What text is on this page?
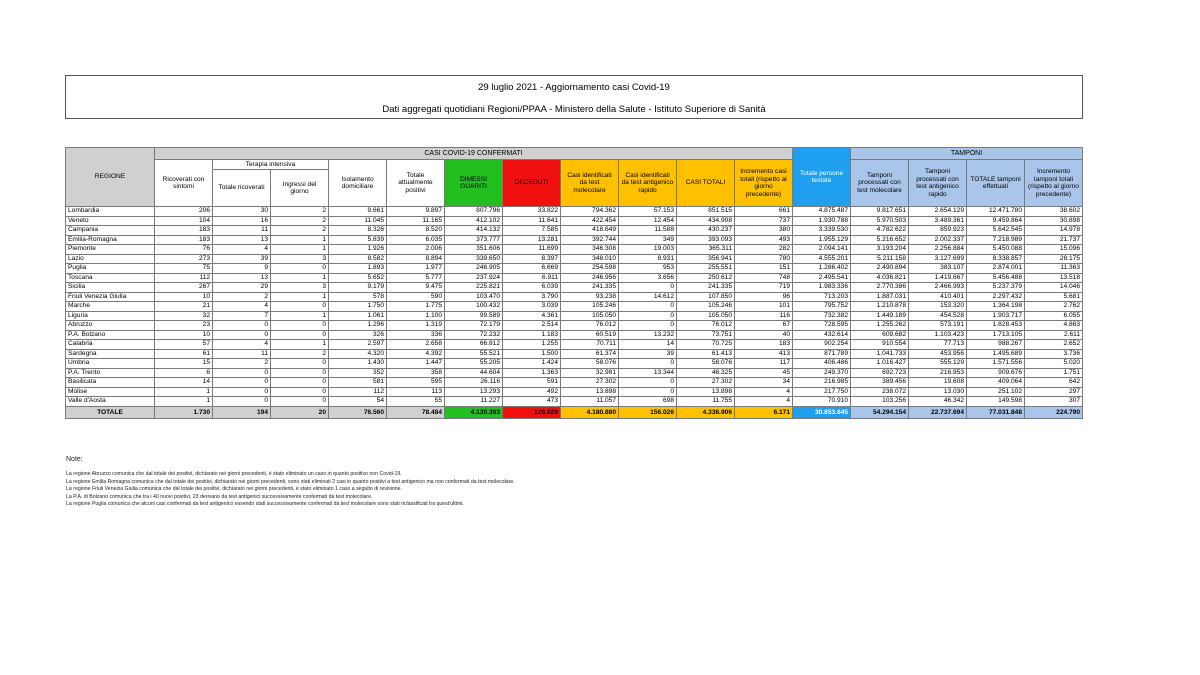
29 luglio 2021 - Aggiornamento casi Covid-19
Dati aggregati quotidiani Regioni/PPAA - Ministero della Salute - Istituto Superiore di Sanità
REGIONE	CASI COVID-19 CONFERMATI											Totale persone testate	TAMPONI			
	Ricoverati con sintomi	Terapia intensiva		Isolamento domiciliare	Totale attualmente positivi	DIMESSI GUARITI	DECEDUTI	Casi identificati da test molecolare	Casi identificati da test antigenico rapido	CASI TOTALI	Incremento casi totali (rispetto al giorno precedente)		Tamponi processati con test molecolare	Tamponi processati con test antigenico rapido	TOTALE tamponi effettuati	Incremento tamponi totali (rispetto al giorno precedente)
		Totale ricoverati	Ingressi del giorno													
Lombardia	206	30	2	9.661	9.897	807.796	33.822	794.362	57.153	851.515	661	4.875.487	9.817.651	2.654.129	12.471.780	38.602
Veneto	104	16	2	11.045	11.165	412.102	11.641	422.454	12.454	434.908	737	1.930.788	5.970.503	3.489.361	9.459.864	30.898
Campania	183	11	2	8.326	8.520	414.132	7.585	418.649	11.588	430.237	380	3.339.530	4.782.622	859.923	5.642.545	14.978
Emilia-Romagna	183	13	1	5.839	6.035	373.777	13.281	392.744	349	393.093	493	1.955.129	5.216.652	2.002.337	7.218.989	21.737
Piemonte	76	4	1	1.926	2.006	351.606	11.699	346.308	19.003	365.311	282	2.094.141	3.193.204	2.256.884	5.450.088	15.096
Lazio	273	39	3	8.582	8.894	339.650	8.397	348.010	8.931	356.941	780	4.555.201	5.211.158	3.127.699	8.338.857	28.175
Puglia	75	9	0	1.893	1.977	246.905	6.669	254.598	953	255.551	151	1.286.402	2.490.894	383.107	2.874.001	11.363
Toscana	112	13	1	5.652	5.777	237.924	6.911	246.956	3.656	250.612	748	2.495.541	4.036.821	1.419.667	5.456.488	13.518
Sicilia	267	29	3	9.179	9.475	225.821	6.039	241.335	0	241.335	719	1.983.336	2.770.386	2.466.993	5.237.379	14.046
Friuli Venezia Giulia	10	2	1	578	590	103.470	3.790	93.238	14.612	107.850	96	713.203	1.887.031	410.401	2.297.432	5.681
Marche	21	4	0	1.750	1.775	100.432	3.039	105.246	0	105.246	101	795.752	1.210.878	153.320	1.364.198	2.762
Liguria	32	7	1	1.061	1.100	99.589	4.361	105.050	0	105.050	116	732.382	1.449.189	454.528	1.903.717	6.055
Abruzzo	23	0	0	1.296	1.319	72.179	2.514	76.012	0	76.012	67	728.595	1.255.262	573.191	1.828.453	4.863
P.A. Bolzano	10	0	0	326	336	72.232	1.183	60.519	13.232	73.751	40	432.614	609.682	1.103.423	1.713.105	2.611
Calabria	57	4	1	2.597	2.658	66.812	1.255	70.711	14	70.725	183	902.254	910.554	77.713	988.267	2.652
Sardegna	61	11	2	4.320	4.392	55.521	1.500	61.374	39	61.413	413	871.789	1.041.733	453.956	1.495.689	3.736
Umbria	15	2	0	1.430	1.447	55.205	1.424	58.076	0	58.076	117	406.486	1.016.427	555.129	1.571.556	5.020
P.A. Trento	6	0	0	352	358	44.604	1.363	32.981	13.344	46.325	45	249.370	692.723	216.953	909.676	1.751
Basilicata	14	0	0	581	595	26.116	591	27.302	0	27.302	34	216.985	389.456	19.608	409.064	642
Molise	1	0	0	112	113	13.293	492	13.898	0	13.898	4	217.750	238.072	13.030	251.102	297
Valle d'Aosta	1	0	0	54	55	11.227	473	11.057	698	11.755	4	70.910	103.256	46.342	149.598	307
TOTALE	1.730	194	20	76.560	78.484	4.130.393	128.029	4.180.880	156.026	4.336.906	6.171	30.853.645	54.294.154	22.737.694	77.031.848	224.790
Note:
La regione Abruzzo comunica che dal totale dei positivi, dichiarato nei giorni precedenti, è stato eliminato un caso in quanto positivo non Covid-19.
La regione Emilia Romagna comunica che dal totale dei positivi, dichiarato nei giorni precedenti, sono stati eliminati 2 casi in quanto positivi a test antigenico ma non confermati da test molecolare.
La regione Friuli Venezia Giulia comunica che dal totale dei positivi, dichiarato nei giorni precedenti, è stato eliminato 1 caso a seguito di revisione.
La P.A. di Bolzano comunica che tra i 40 nuovi positivi, 23 derivano da test antigenici successivamente confermati da test molecolare.
La regione Puglia comunica che alcuni casi confermati da test antigenico essendo stati successivamente confermati da test molecolare sono stati riclassificati tra quest'ultimi.
